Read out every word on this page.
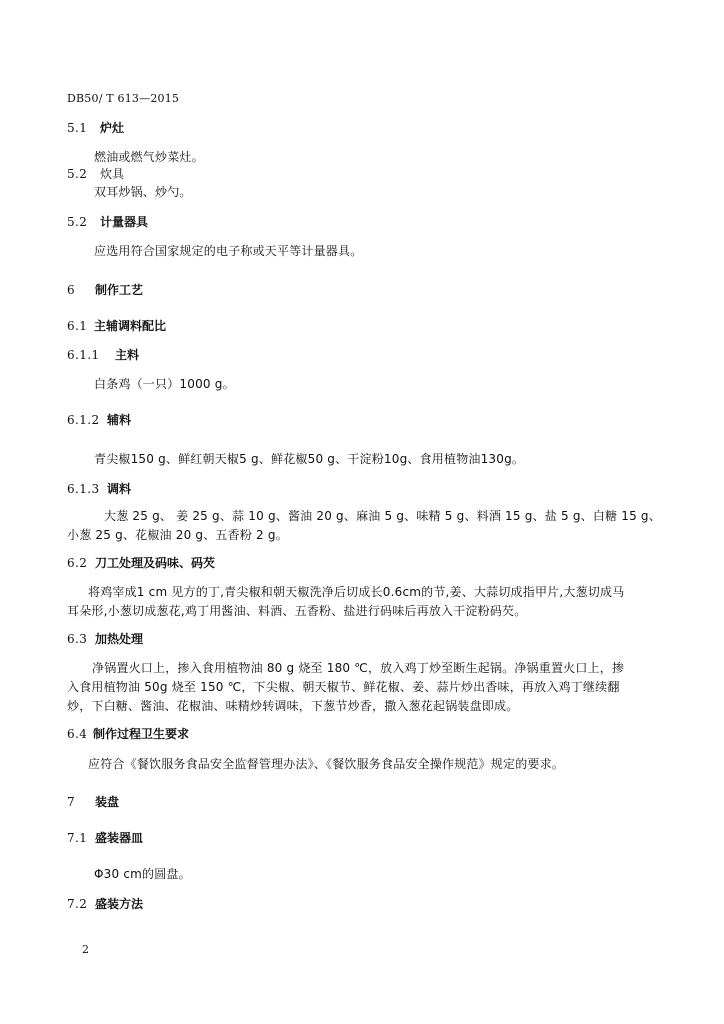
DB50/ T 613—2015
5.1 炉灶
燃油或燃气炒菜灶。
5.2 炊具
双耳炒锅、炒勺。
5.2 计量器具
应选用符合国家规定的电子称或天平等计量器具。
6 制作工艺
6.1 主辅调料配比
6.1.1 主料
白条鸡（一只）1000 g。
6.1.2 辅料
青尖椒150 g、鲜红朝天椒5 g、鲜花椒50 g、干淀粉10g、食用植物油130g。
6.1.3 调料
大葱 25 g、 姜 25 g、蒜 10 g、酱油 20 g、麻油 5 g、味精 5 g、料酒 15 g、盐 5 g、白糖 15 g、
小葱 25 g、花椒油 20 g、五香粉 2 g。
6.2 刀工处理及码味、码芡
将鸡宰成1 cm 见方的丁,青尖椒和朝天椒洗净后切成长0.6cm的节,姜、大蒜切成指甲片,大葱切成马
耳朵形,小葱切成葱花,鸡丁用酱油、料酒、五香粉、盐进行码味后再放入干淀粉码芡。
6.3 加热处理
净锅置火口上，掺入食用植物油 80 g 烧至 180 ℃，放入鸡丁炒至断生起锅。净锅重置火口上，掺
入食用植物油 50g 烧至 150 ℃，下尖椒、朝天椒节、鲜花椒、姜、蒜片炒出香味，再放入鸡丁继续翻
炒，下白糖、酱油、花椒油、味精炒转调味，下葱节炒香，撒入葱花起锅装盘即成。
6.4 制作过程卫生要求
应符合《餐饮服务食品安全监督管理办法》、《餐饮服务食品安全操作规范》规定的要求。
7 装盘
7.1 盛装器皿
Φ30 cm的圆盘。
7.2 盛装方法
2
